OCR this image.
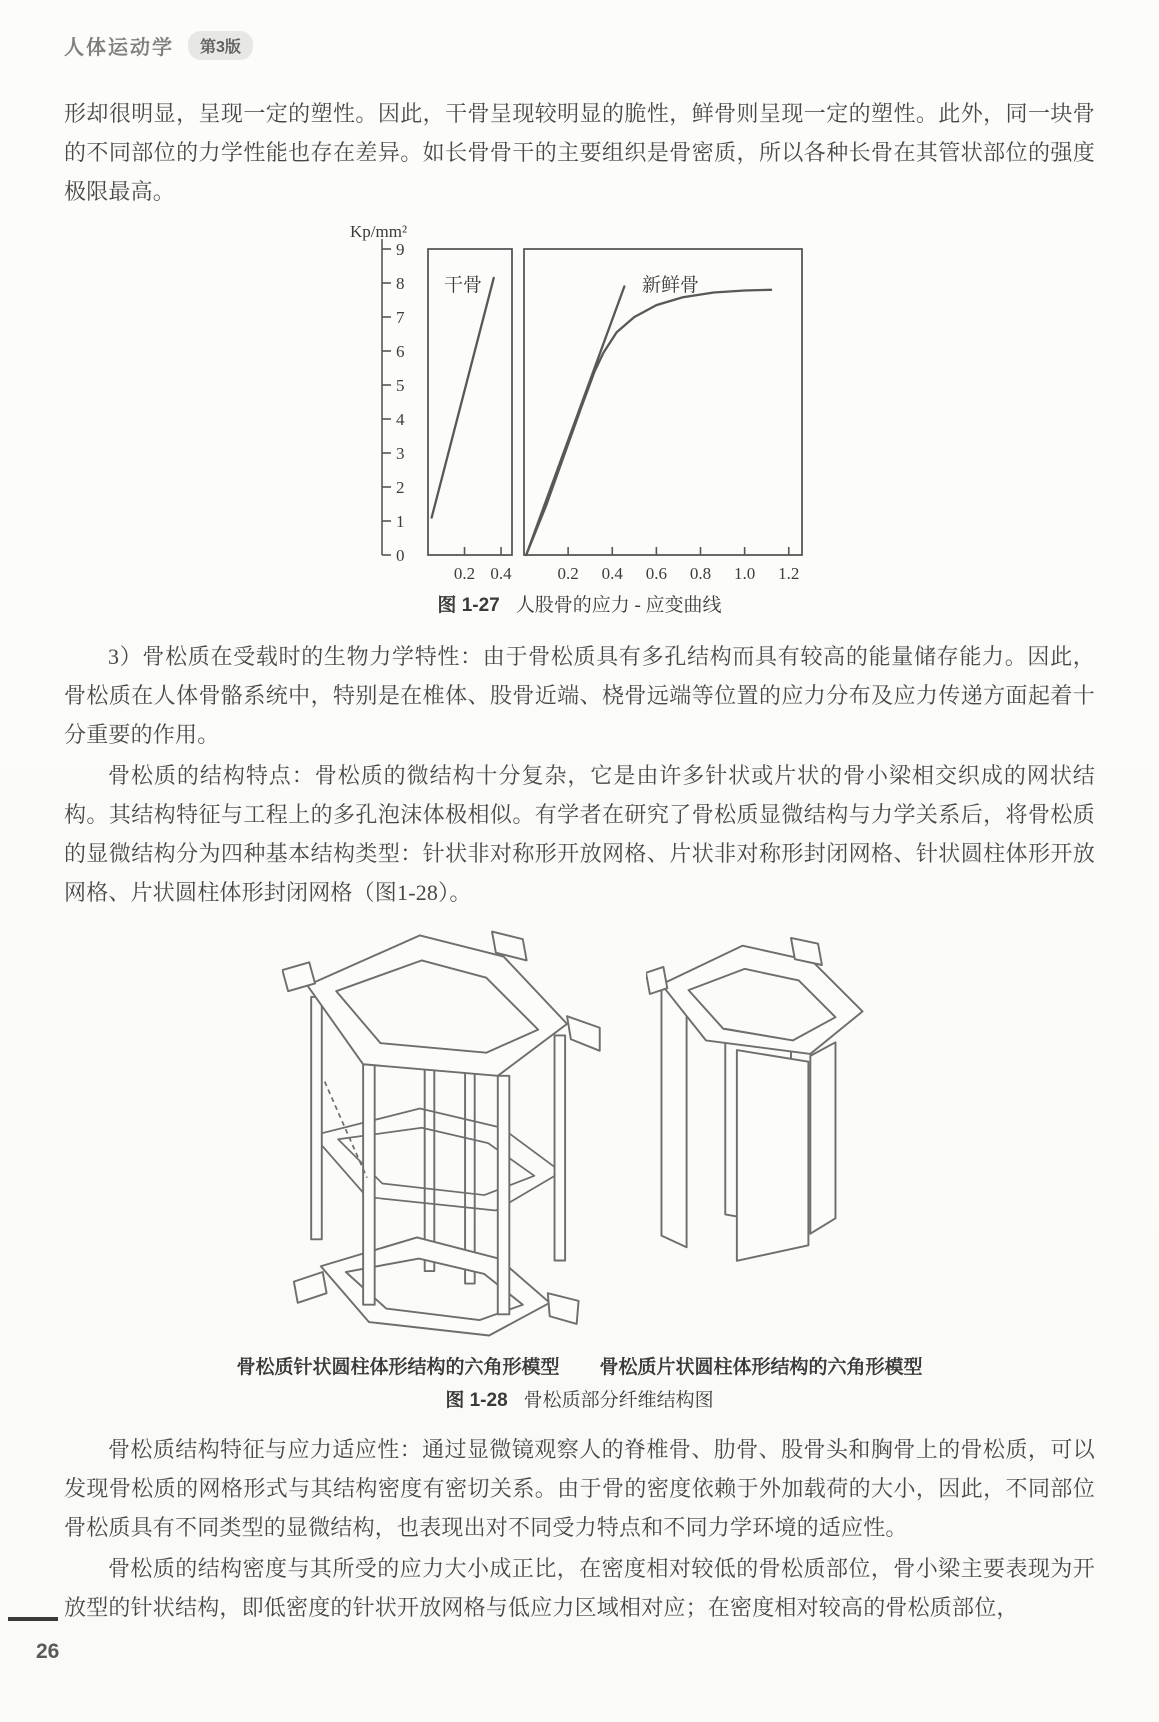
人体运动学	第3版

形却很明显，呈现一定的塑性。因此，干骨呈现较明显的脆性，鲜骨则呈现一定的塑性。此外，同一块骨的不同部位的力学性能也存在差异。如长骨骨干的主要组织是骨密质，所以各种长骨在其管状部位的强度极限最高。

Kp/mm²
0
1
2
3
4
5
6
7
8
9
0.2 0.4
干骨
0.2 0.4 0.6 0.8 1.0 1.2
新鲜骨
图 1-27 人股骨的应力 - 应变曲线

3）骨松质在受载时的生物力学特性：由于骨松质具有多孔结构而具有较高的能量储存能力。因此，骨松质在人体骨骼系统中，特别是在椎体、股骨近端、桡骨远端等位置的应力分布及应力传递方面起着十分重要的作用。

骨松质的结构特点：骨松质的微结构十分复杂，它是由许多针状或片状的骨小梁相交织成的网状结构。其结构特征与工程上的多孔泡沫体极相似。有学者在研究了骨松质显微结构与力学关系后，将骨松质的显微结构分为四种基本结构类型：针状非对称形开放网格、片状非对称形封闭网格、针状圆柱体形开放网格、片状圆柱体形封闭网格（图1-28）。

骨松质针状圆柱体形结构的六角形模型 骨松质片状圆柱体形结构的六角形模型
图 1-28 骨松质部分纤维结构图

骨松质结构特征与应力适应性：通过显微镜观察人的脊椎骨、肋骨、股骨头和胸骨上的骨松质，可以发现骨松质的网格形式与其结构密度有密切关系。由于骨的密度依赖于外加载荷的大小，因此，不同部位骨松质具有不同类型的显微结构，也表现出对不同受力特点和不同力学环境的适应性。

骨松质的结构密度与其所受的应力大小成正比，在密度相对较低的骨松质部位，骨小梁主要表现为开放型的针状结构，即低密度的针状开放网格与低应力区域相对应；在密度相对较高的骨松质部位，

26
